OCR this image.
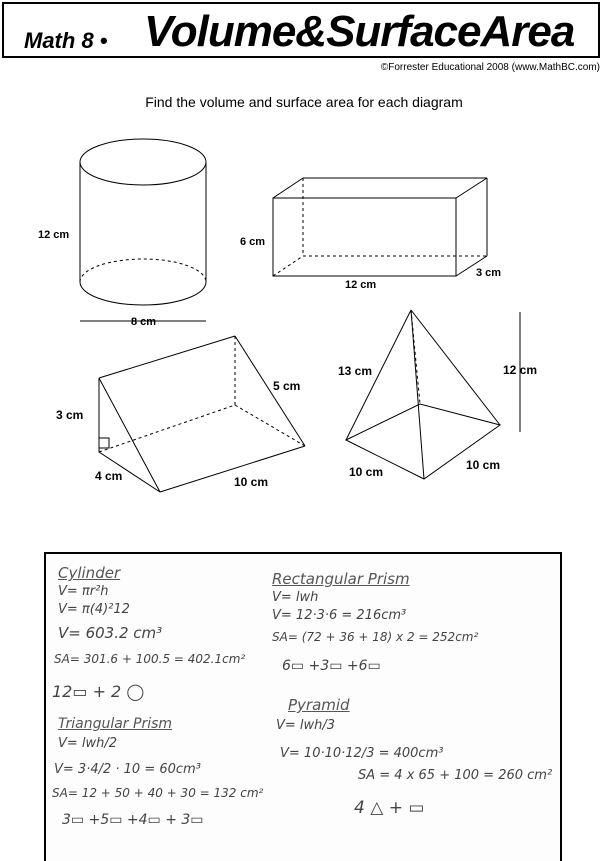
Math 8 • Volume&SurfaceArea
©Forrester Educational 2008 (www.MathBC.com)
Find the volume and surface area for each diagram
12 cm
8 cm
6 cm
12 cm
3 cm
3 cm
4 cm
5 cm
10 cm
13 cm	12 cm
10 cm	10 cm
Cylinder
V= πr²h
V= π(4)²12
V= 603.2 cm³
SA= 301.6 + 100.5 = 402.1cm²
12▭ + 2 ◯
Rectangular Prism
V= lwh
V= 12·3·6 = 216cm³
SA= (72 + 36 + 18) x 2 = 252cm²
6▭ +3▭ +6▭
Triangular Prism
V= lwh/2
V= 3·4/2 · 10 = 60cm³
SA= 12 + 50 + 40 + 30 = 132 cm²
3▭ +5▭ +4▭ + 3▭
Pyramid
V= lwh/3
V= 10·10·12/3 = 400cm³
SA = 4 x 65 + 100 = 260 cm²
4 △ + ▭
